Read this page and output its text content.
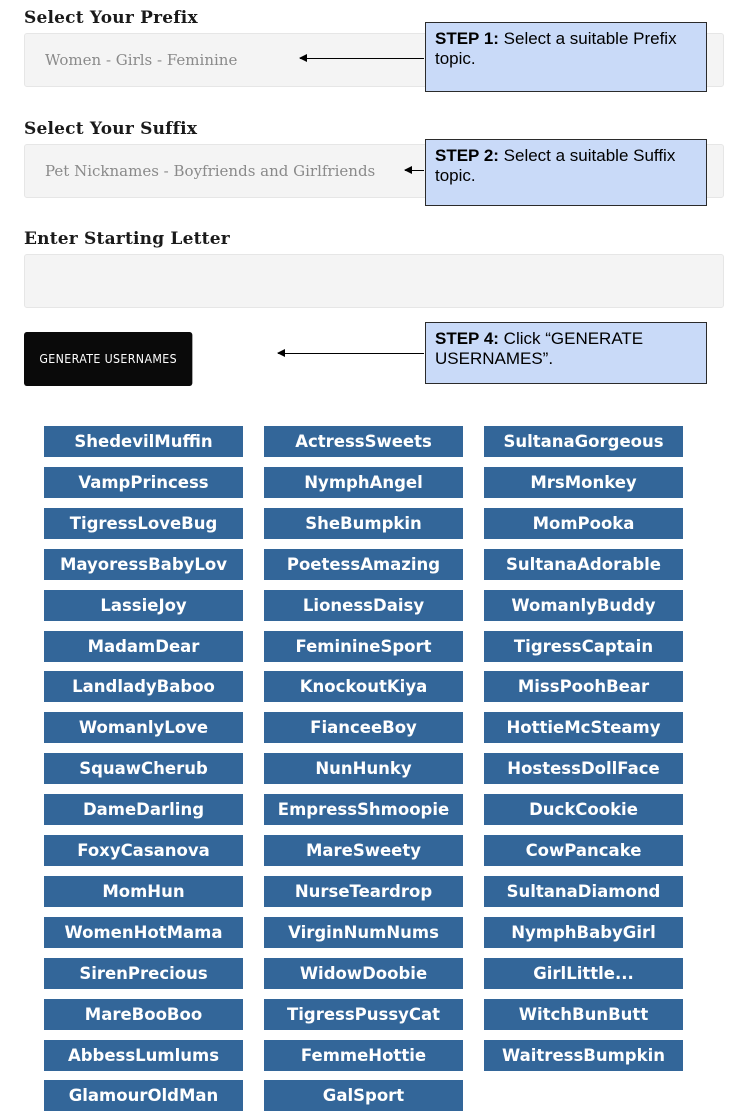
Select Your Prefix
Women - Girls - Feminine
Select Your Suffix
Pet Nicknames - Boyfriends and Girlfriends
Enter Starting Letter
GENERATE USERNAMES
STEP 1: Select a suitable Prefix topic.
STEP 2: Select a suitable Suffix topic.
STEP 4: Click “GENERATE USERNAMES”.
ShedevilMuffin	ActressSweets	SultanaGorgeous
VampPrincess	NymphAngel	MrsMonkey
TigressLoveBug	SheBumpkin	MomPooka
MayoressBabyLov	PoetessAmazing	SultanaAdorable
LassieJoy	LionessDaisy	WomanlyBuddy
MadamDear	FeminineSport	TigressCaptain
LandladyBaboo	KnockoutKiya	MissPoohBear
WomanlyLove	FianceeBoy	HottieMcSteamy
SquawCherub	NunHunky	HostessDollFace
DameDarling	EmpressShmoopie	DuckCookie
FoxyCasanova	MareSweety	CowPancake
MomHun	NurseTeardrop	SultanaDiamond
WomenHotMama	VirginNumNums	NymphBabyGirl
SirenPrecious	WidowDoobie	GirlLittle...
MareBooBoo	TigressPussyCat	WitchBunButt
AbbessLumlums	FemmeHottie	WaitressBumpkin
GlamourOldMan	GalSport
